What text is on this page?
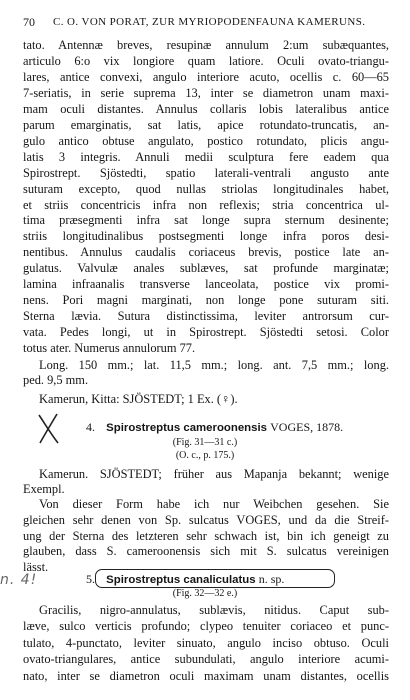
70 C. O. VON PORAT, ZUR MYRIOPODENFAUNA KAMERUNS.
tato. Antennæ breves, resupinæ annulum 2:um subæquantes,
articulo 6:o vix longiore quam latiore. Oculi ovato-triangu-
lares, antice convexi, angulo interiore acuto, ocellis c. 60—65
7-seriatis, in serie suprema 13, inter se diametron unam maxi-
mam oculi distantes. Annulus collaris lobis lateralibus antice
parum emarginatis, sat latis, apice rotundato-truncatis, an-
gulo antico obtuse angulato, postico rotundato, plicis angu-
latis 3 integris. Annuli medii sculptura fere eadem qua
Spirostrept. Sjöstedti, spatio laterali-ventrali angusto ante
suturam excepto, quod nullas striolas longitudinales habet,
et striis concentricis infra non reflexis; stria concentrica ul-
tima præsegmenti infra sat longe supra sternum desinente;
striis longitudinalibus postsegmenti longe infra poros desi-
nentibus. Annulus caudalis coriaceus brevis, postice late an-
gulatus. Valvulæ anales sublæves, sat profunde marginatæ;
lamina infraanalis transverse lanceolata, postice vix promi-
nens. Pori magni marginati, non longe pone suturam siti.
Sterna lævia. Sutura distinctissima, leviter antrorsum cur-
vata. Pedes longi, ut in Spirostrept. Sjöstedti setosi. Color
totus ater. Numerus annulorum 77.
Long. 150 mm.; lat. 11,5 mm.; long. ant. 7,5 mm.; long.
ped. 9,5 mm.
Kamerun, Kitta: SJÖSTEDT; 1 Ex. (♀).
4. Spirostreptus cameroonensis VOGES, 1878.
(Fig. 31—31 c.)
(O. c., p. 175.)
Kamerun. SJÖSTEDT; früher aus Mapanja bekannt; wenige
Exempl.
Von dieser Form habe ich nur Weibchen gesehen. Sie
gleichen sehr denen von Sp. sulcatus VOGES, und da die Streif-
ung der Sterna des letzteren sehr schwach ist, bin ich geneigt zu
glauben, dass S. cameroonensis sich mit S. sulcatus vereinigen
lässt.
n. 4!	5. Spirostreptus canaliculatus n. sp.
(Fig. 32—32 e.)
Gracilis, nigro-annulatus, sublævis, nitidus. Caput sub-
læve, sulco verticis profundo; clypeo tenuiter coriaceo et punc-
tulato, 4-punctato, leviter sinuato, angulo inciso obtuso. Oculi
ovato-triangulares, antice subundulati, angulo interiore acumi-
nato, inter se diametron oculi maximam unam distantes, ocellis
